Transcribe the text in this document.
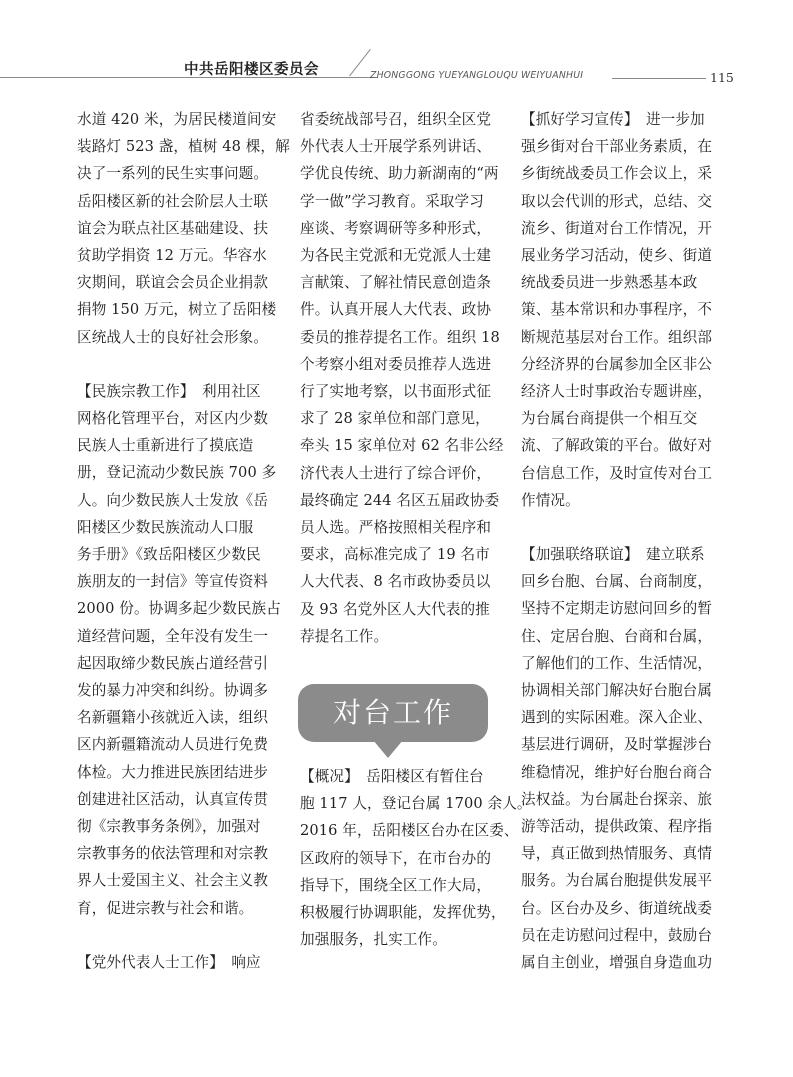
中共岳阳楼区委员会	ZHONGGONG YUEYANGLOUQU WEIYUANHUI	115

水道 420 米，为居民楼道间安
装路灯 523 盏，植树 48 棵，解
决了一系列的民生实事问题。
岳阳楼区新的社会阶层人士联
谊会为联点社区基础建设、扶
贫助学捐资 12 万元。华容水
灾期间，联谊会会员企业捐款
捐物 150 万元，树立了岳阳楼
区统战人士的良好社会形象。

【民族宗教工作】　利用社区
网格化管理平台，对区内少数
民族人士重新进行了摸底造
册，登记流动少数民族 700 多
人。向少数民族人士发放《岳
阳楼区少数民族流动人口服
务手册》《致岳阳楼区少数民
族朋友的一封信》等宣传资料
2000 份。协调多起少数民族占
道经营问题，全年没有发生一
起因取缔少数民族占道经营引
发的暴力冲突和纠纷。协调多
名新疆籍小孩就近入读，组织
区内新疆籍流动人员进行免费
体检。大力推进民族团结进步
创建进社区活动，认真宣传贯
彻《宗教事务条例》，加强对
宗教事务的依法管理和对宗教
界人士爱国主义、社会主义教
育，促进宗教与社会和谐。

【党外代表人士工作】　响应

省委统战部号召，组织全区党
外代表人士开展学系列讲话、
学优良传统、助力新湖南的“两
学一做”学习教育。采取学习
座谈、考察调研等多种形式，
为各民主党派和无党派人士建
言献策、了解社情民意创造条
件。认真开展人大代表、政协
委员的推荐提名工作。组织 18
个考察小组对委员推荐人选进
行了实地考察，以书面形式征
求了 28 家单位和部门意见，
牵头 15 家单位对 62 名非公经
济代表人士进行了综合评价，
最终确定 244 名区五届政协委
员人选。严格按照相关程序和
要求，高标准完成了 19 名市
人大代表、8 名市政协委员以
及 93 名党外区人大代表的推
荐提名工作。

【概况】　岳阳楼区有暂住台
胞 117 人，登记台属 1700 余人。
2016 年，岳阳楼区台办在区委、
区政府的领导下，在市台办的
指导下，围绕全区工作大局，
积极履行协调职能，发挥优势，
加强服务，扎实工作。

【抓好学习宣传】　进一步加
强乡街对台干部业务素质，在
乡街统战委员工作会议上，采
取以会代训的形式，总结、交
流乡、街道对台工作情况，开
展业务学习活动，使乡、街道
统战委员进一步熟悉基本政
策、基本常识和办事程序，不
断规范基层对台工作。组织部
分经济界的台属参加全区非公
经济人士时事政治专题讲座，
为台属台商提供一个相互交
流、了解政策的平台。做好对
台信息工作，及时宣传对台工
作情况。

【加强联络联谊】　建立联系
回乡台胞、台属、台商制度，
坚持不定期走访慰问回乡的暂
住、定居台胞、台商和台属，
了解他们的工作、生活情况，
协调相关部门解决好台胞台属
遇到的实际困难。深入企业、
基层进行调研，及时掌握涉台
维稳情况，维护好台胞台商合
法权益。为台属赴台探亲、旅
游等活动，提供政策、程序指
导，真正做到热情服务、真情
服务。为台属台胞提供发展平
台。区台办及乡、街道统战委
员在走访慰问过程中，鼓励台
属自主创业，增强自身造血功

对台工作
